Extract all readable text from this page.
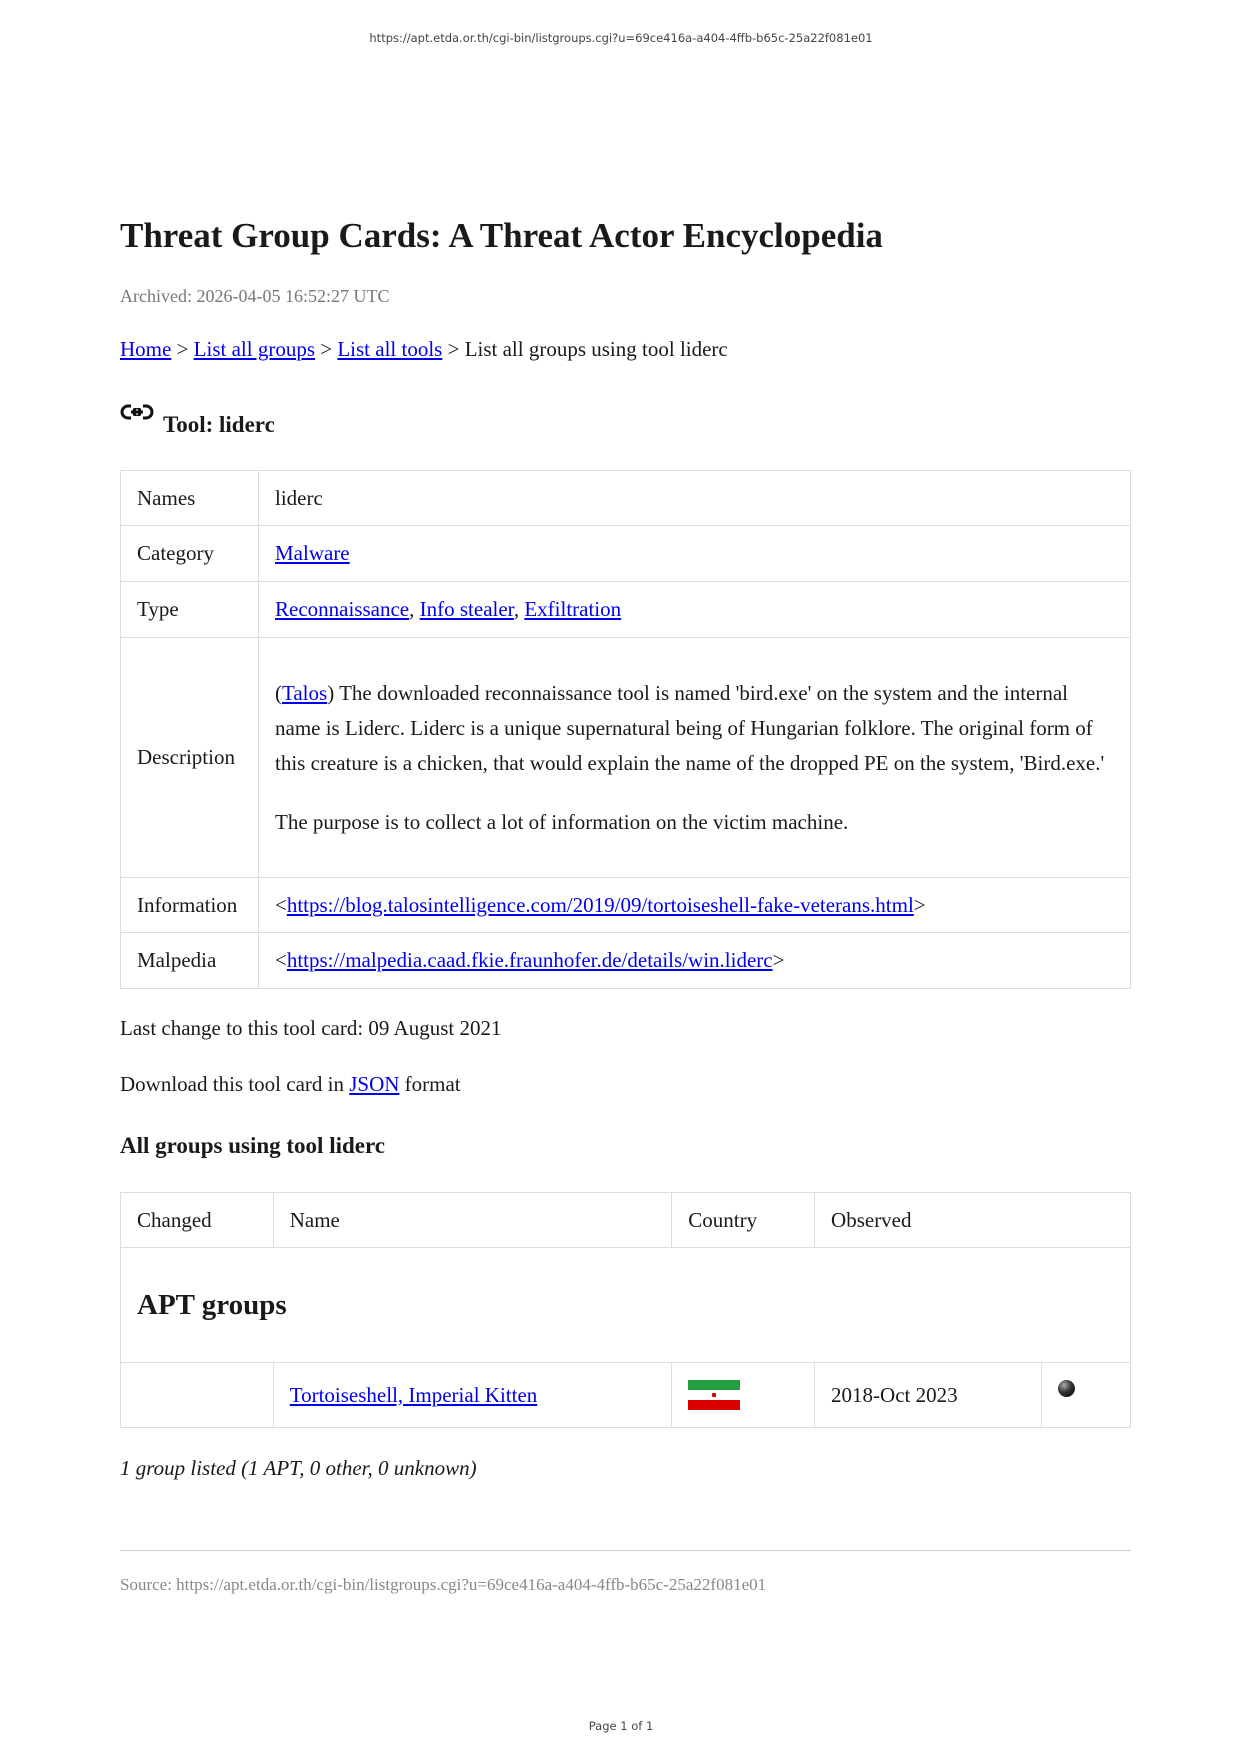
https://apt.etda.or.th/cgi-bin/listgroups.cgi?u=69ce416a-a404-4ffb-b65c-25a22f081e01
Threat Group Cards: A Threat Actor Encyclopedia
Archived: 2026-04-05 16:52:27 UTC
Home > List all groups > List all tools > List all groups using tool liderc
Tool: liderc
Names	liderc
Category	Malware
Type	Reconnaissance, Info stealer, Exfiltration
Description	(Talos) The downloaded reconnaissance tool is named 'bird.exe' on the system and the internal name is Liderc. Liderc is a unique supernatural being of Hungarian folklore. The original form of this creature is a chicken, that would explain the name of the dropped PE on the system, 'Bird.exe.'

The purpose is to collect a lot of information on the victim machine.

Information	<https://blog.talosintelligence.com/2019/09/tortoiseshell-fake-veterans.html>
Malpedia	<https://malpedia.caad.fkie.fraunhofer.de/details/win.liderc>
Last change to this tool card: 09 August 2021
Download this tool card in JSON format
All groups using tool liderc
Changed	Name	Country	Observed	
APT groups				
	Tortoiseshell, Imperial Kitten		2018-Oct 2023	
1 group listed (1 APT, 0 other, 0 unknown)
Source: https://apt.etda.or.th/cgi-bin/listgroups.cgi?u=69ce416a-a404-4ffb-b65c-25a22f081e01
Page 1 of 1
